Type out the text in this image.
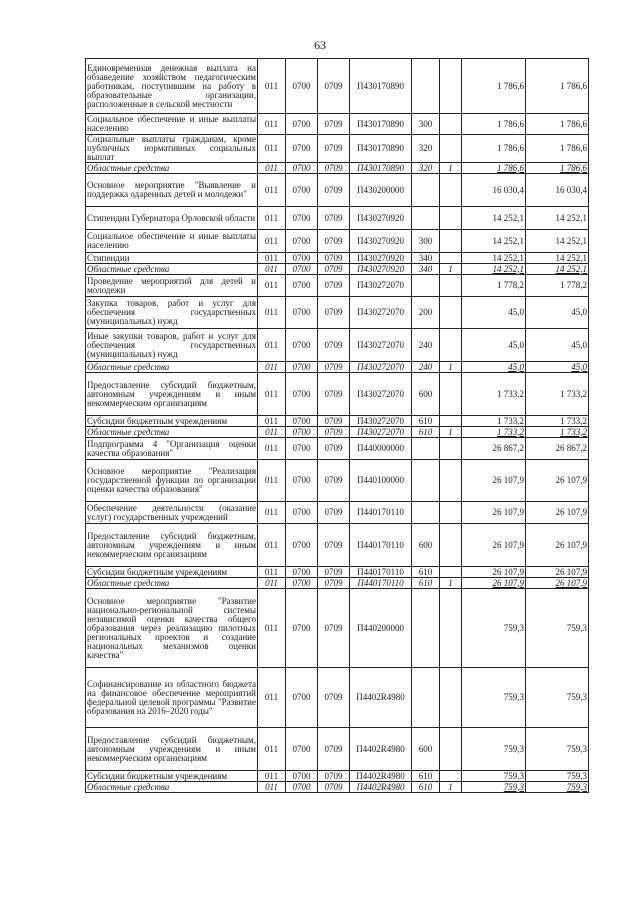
63
Единовременная денежная выплата на обзаведение хозяйством педагогическим работникам, поступившим на работу в образовательные организации, расположенные в сельской местности	011	0700	0709	П430170890			1 786,6	1 786,6
Социальное обеспечение и иные выплаты населению	011	0700	0709	П430170890	300		1 786,6	1 786,6
Социальные выплаты гражданам, кроме публичных нормативных социальных выплат	011	0700	0709	П430170890	320		1 786,6	1 786,6
Областные средства	011	0700	0709	П430170890	320	1	1 786,6	1 786,6
Основное мероприятие "Выявление и поддержка одаренных детей и молодежи"	011	0700	0709	П430200000			16 030,4	16 030,4
Стипендии Губернатора Орловской области	011	0700	0709	П430270920			14 252,1	14 252,1
Социальное обеспечение и иные выплаты населению	011	0700	0709	П430270920	300		14 252,1	14 252,1
Стипендии	011	0700	0709	П430270920	340		14 252,1	14 252,1
Областные средства	011	0700	0709	П430270920	340	1	14 252,1	14 252,1
Проведение мероприятий для детей и молодежи	011	0700	0709	П430272070			1 778,2	1 778,2
Закупка товаров, работ и услуг для обеспечения государственных (муниципальных) нужд	011	0700	0709	П430272070	200		45,0	45,0
Иные закупки товаров, работ и услуг для обеспечения государственных (муниципальных) нужд	011	0700	0709	П430272070	240		45,0	45,0
Областные средства	011	0700	0709	П430272070	240	1	45,0	45,0
Предоставление субсидий бюджетным, автономным учреждениям и иным некоммерческим организациям	011	0700	0709	П430272070	600		1 733,2	1 733,2
Субсидии бюджетным учреждениям	011	0700	0709	П430272070	610		1 733,2	1 733,2
Областные средства	011	0700	0709	П430272070	610	1	1 733,2	1 733,2
Подпрограмма 4 "Организация оценки качества образования"	011	0700	0709	П440000000			26 867,2	26 867,2
Основное мероприятие "Реализация государственной функции по организации оценки качества образования"	011	0700	0709	П440100000			26 107,9	26 107,9
Обеспечение деятельности (оказание услуг) государственных учреждений	011	0700	0709	П440170110			26 107,9	26 107,9
Предоставление субсидий бюджетным, автономным учреждениям и иным некоммерческим организациям	011	0700	0709	П440170110	600		26 107,9	26 107,9
Субсидии бюджетным учреждениям	011	0700	0709	П440170110	610		26 107,9	26 107,9
Областные средства	011	0700	0709	П440170110	610	1	26 107,9	26 107,9
Основное мероприятие "Развитие национально-региональной системы независимой оценки качества общего образования через реализацию пилотных региональных проектов и создание национальных механизмов оценки качества"	011	0700	0709	П440200000			759,3	759,3
Софинансирование из областного бюджета на финансовое обеспечение мероприятий федеральной целевой программы "Развитие образования на 2016–2020 годы"	011	0700	0709	П4402R4980			759,3	759,3
Предоставление субсидий бюджетным, автономным учреждениям и иным некоммерческим организациям	011	0700	0709	П4402R4980	600		759,3	759,3
Субсидии бюджетным учреждениям	011	0700	0709	П4402R4980	610		759,3	759,3
Областные средства	011	0700	0709	П4402R4980	610	1	759,3	759,3
